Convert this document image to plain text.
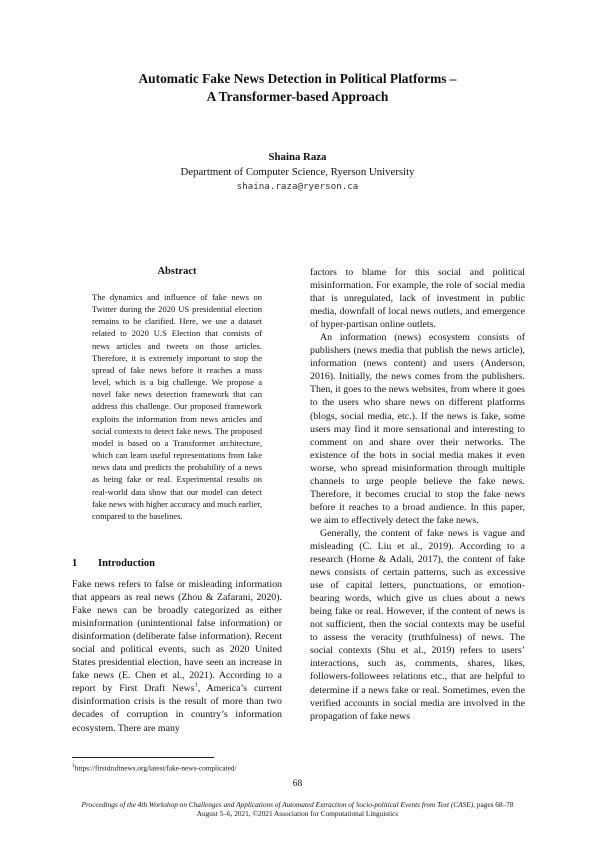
Automatic Fake News Detection in Political Platforms –
A Transformer-based Approach
Shaina Raza
Department of Computer Science, Ryerson University
shaina.raza@ryerson.ca
Abstract
The dynamics and influence of fake news on Twitter during the 2020 US presidential election remains to be clarified. Here, we use a dataset related to 2020 U.S Election that consists of news articles and tweets on those articles. Therefore, it is extremely important to stop the spread of fake news before it reaches a mass level, which is a big challenge. We propose a novel fake news detection framework that can address this challenge. Our proposed framework exploits the information from news articles and social contexts to detect fake news. The proposed model is based on a Transformer architecture, which can learn useful representations from fake news data and predicts the probability of a news as being fake or real. Experimental results on real-world data show that our model can detect fake news with higher accuracy and much earlier, compared to the baselines.
1 Introduction
Fake news refers to false or misleading information that appears as real news (Zhou & Zafarani, 2020). Fake news can be broadly categorized as either misinformation (unintentional false information) or disinformation (deliberate false information). Recent social and political events, such as 2020 United States presidential election, have seen an increase in fake news (E. Chen et al., 2021). According to a report by First Draft News$^1$, America’s current disinformation crisis is the result of more than two decades of corruption in country’s information ecosystem. There are many

factors to blame for this social and political misinformation. For example, the role of social media that is unregulated, lack of investment in public media, downfall of local news outlets, and emergence of hyper-partisan online outlets.

An information (news) ecosystem consists of publishers (news media that publish the news article), information (news content) and users (Anderson, 2016). Initially, the news comes from the publishers. Then, it goes to the news websites, from where it goes to the users who share news on different platforms (blogs, social media, etc.). If the news is fake, some users may find it more sensational and interesting to comment on and share over their networks. The existence of the bots in social media makes it even worse, who spread misinformation through multiple channels to urge people believe the fake news. Therefore, it becomes crucial to stop the fake news before it reaches to a broad audience. In this paper, we aim to effectively detect the fake news.

Generally, the content of fake news is vague and misleading (C. Liu et al., 2019). According to a research (Horne & Adali, 2017), the content of fake news consists of certain patterns, such as excessive use of capital letters, punctuations, or emotion-bearing words, which give us clues about a news being fake or real. However, if the content of news is not sufficient, then the social contexts may be useful to assess the veracity (truthfulness) of news. The social contexts (Shu et al., 2019) refers to users’ interactions, such as, comments, shares, likes, followers-followees relations etc., that are helpful to determine if a news fake or real. Sometimes, even the verified accounts in social media are involved in the propagation of fake news

$^1$https://firstdraftnews.org/latest/fake-news-complicated/
68
Proceedings of the 4th Workshop on Challenges and Applications of Automated Extraction of Socio-political Events from Text (CASE), pages 68–78
August 5–6, 2021, ©2021 Association for Computational Linguistics
